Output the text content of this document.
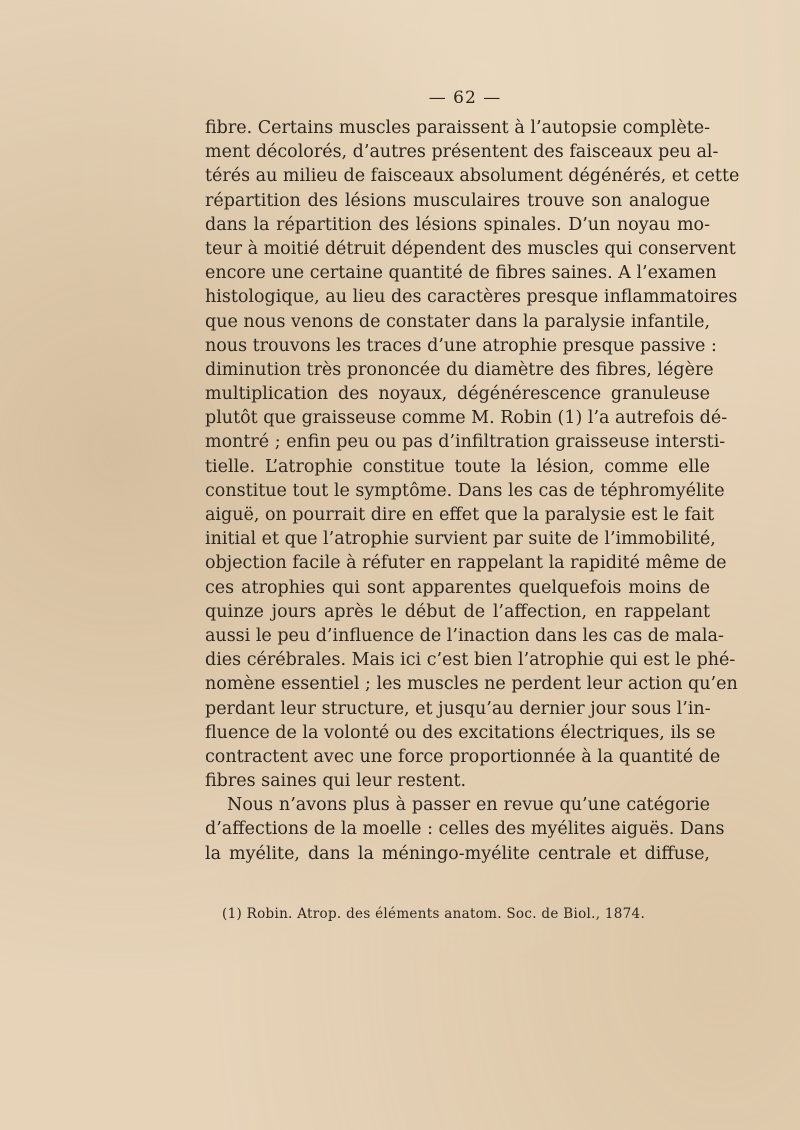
— 62 —
fibre. Certains muscles paraissent à l’autopsie complète-
ment décolorés, d’autres présentent des faisceaux peu al-
térés au milieu de faisceaux absolument dégénérés, et cette
répartition des lésions musculaires trouve son analogue
dans la répartition des lésions spinales. D’un noyau mo-
teur à moitié détruit dépendent des muscles qui conservent
encore une certaine quantité de fibres saines. A l’examen
histologique, au lieu des caractères presque inflammatoires
que nous venons de constater dans la paralysie infantile,
nous trouvons les traces d’une atrophie presque passive :
diminution très prononcée du diamètre des fibres, légère
multiplication des noyaux, dégénérescence granuleuse
plutôt que graisseuse comme M. Robin (1) l’a autrefois dé-
montré ; enfin peu ou pas d’infiltration graisseuse intersti-
tielle. L’atrophie constitue toute la lésion, comme elle
constitue tout le symptôme. Dans les cas de téphromyélite
aiguë, on pourrait dire en effet que la paralysie est le fait
initial et que l’atrophie survient par suite de l’immobilité,
objection facile à réfuter en rappelant la rapidité même de
ces atrophies qui sont apparentes quelquefois moins de
quinze jours après le début de l’affection, en rappelant
aussi le peu d’influence de l’inaction dans les cas de mala-
dies cérébrales. Mais ici c’est bien l’atrophie qui est le phé-
nomène essentiel ; les muscles ne perdent leur action qu’en
perdant leur structure, et jusqu’au dernier jour sous l’in-
fluence de la volonté ou des excitations électriques, ils se
contractent avec une force proportionnée à la quantité de
fibres saines qui leur restent.
Nous n’avons plus à passer en revue qu’une catégorie
d’affections de la moelle : celles des myélites aiguës. Dans
la myélite, dans la méningo-myélite centrale et diffuse,
(1) Robin. Atrop. des éléments anatom. Soc. de Biol., 1874.
